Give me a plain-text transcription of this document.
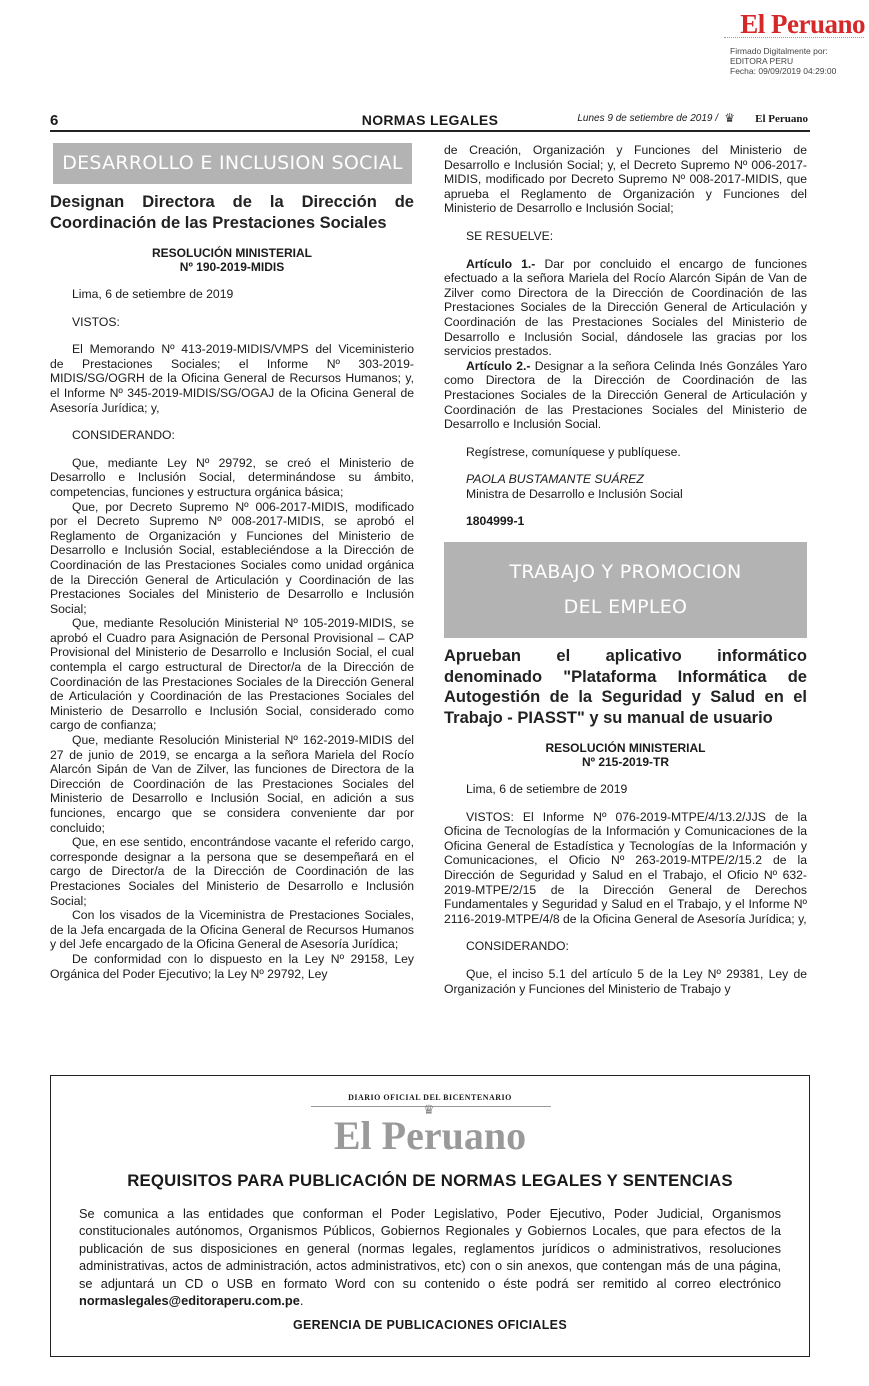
El Peruano
Firmado Digitalmente por:
EDITORA PERU
Fecha: 09/09/2019 04:29:00
6	NORMAS LEGALES	Lunes 9 de setiembre de 2019 / ♛ El Peruano
DESARROLLO E INCLUSION SOCIAL
Designan Directora de la Dirección de Coordinación de las Prestaciones Sociales
RESOLUCIÓN MINISTERIAL
Nº 190-2019-MIDIS

Lima, 6 de setiembre de 2019

VISTOS:

El Memorando Nº 413-2019-MIDIS/VMPS del Viceministerio de Prestaciones Sociales; el Informe Nº 303-2019-MIDIS/SG/OGRH de la Oficina General de Recursos Humanos; y, el Informe Nº 345-2019-MIDIS/SG/OGAJ de la Oficina General de Asesoría Jurídica; y,

CONSIDERANDO:

Que, mediante Ley Nº 29792, se creó el Ministerio de Desarrollo e Inclusión Social, determinándose su ámbito, competencias, funciones y estructura orgánica básica;

Que, por Decreto Supremo Nº 006-2017-MIDIS, modificado por el Decreto Supremo Nº 008-2017-MIDIS, se aprobó el Reglamento de Organización y Funciones del Ministerio de Desarrollo e Inclusión Social, estableciéndose a la Dirección de Coordinación de las Prestaciones Sociales como unidad orgánica de la Dirección General de Articulación y Coordinación de las Prestaciones Sociales del Ministerio de Desarrollo e Inclusión Social;

Que, mediante Resolución Ministerial Nº 105-2019-MIDIS, se aprobó el Cuadro para Asignación de Personal Provisional – CAP Provisional del Ministerio de Desarrollo e Inclusión Social, el cual contempla el cargo estructural de Director/a de la Dirección de Coordinación de las Prestaciones Sociales de la Dirección General de Articulación y Coordinación de las Prestaciones Sociales del Ministerio de Desarrollo e Inclusión Social, considerado como cargo de confianza;

Que, mediante Resolución Ministerial Nº 162-2019-MIDIS del 27 de junio de 2019, se encarga a la señora Mariela del Rocío Alarcón Sipán de Van de Zilver, las funciones de Directora de la Dirección de Coordinación de las Prestaciones Sociales del Ministerio de Desarrollo e Inclusión Social, en adición a sus funciones, encargo que se considera conveniente dar por concluido;

Que, en ese sentido, encontrándose vacante el referido cargo, corresponde designar a la persona que se desempeñará en el cargo de Director/a de la Dirección de Coordinación de las Prestaciones Sociales del Ministerio de Desarrollo e Inclusión Social;

Con los visados de la Viceministra de Prestaciones Sociales, de la Jefa encargada de la Oficina General de Recursos Humanos y del Jefe encargado de la Oficina General de Asesoría Jurídica;

De conformidad con lo dispuesto en la Ley Nº 29158, Ley Orgánica del Poder Ejecutivo; la Ley Nº 29792, Ley

de Creación, Organización y Funciones del Ministerio de Desarrollo e Inclusión Social; y, el Decreto Supremo Nº 006-2017-MIDIS, modificado por Decreto Supremo Nº 008-2017-MIDIS, que aprueba el Reglamento de Organización y Funciones del Ministerio de Desarrollo e Inclusión Social;

SE RESUELVE:

Artículo 1.- Dar por concluido el encargo de funciones efectuado a la señora Mariela del Rocío Alarcón Sipán de Van de Zilver como Directora de la Dirección de Coordinación de las Prestaciones Sociales de la Dirección General de Articulación y Coordinación de las Prestaciones Sociales del Ministerio de Desarrollo e Inclusión Social, dándosele las gracias por los servicios prestados.

Artículo 2.- Designar a la señora Celinda Inés Gonzáles Yaro como Directora de la Dirección de Coordinación de las Prestaciones Sociales de la Dirección General de Articulación y Coordinación de las Prestaciones Sociales del Ministerio de Desarrollo e Inclusión Social.

Regístrese, comuníquese y publíquese.

PAOLA BUSTAMANTE SUÁREZ

Ministra de Desarrollo e Inclusión Social

1804999-1

TRABAJO Y PROMOCION
DEL EMPLEO
Aprueban el aplicativo informático denominado "Plataforma Informática de Autogestión de la Seguridad y Salud en el Trabajo - PIASST" y su manual de usuario
RESOLUCIÓN MINISTERIAL
Nº 215-2019-TR

Lima, 6 de setiembre de 2019

VISTOS: El Informe Nº 076-2019-MTPE/4/13.2/JJS de la Oficina de Tecnologías de la Información y Comunicaciones de la Oficina General de Estadística y Tecnologías de la Información y Comunicaciones, el Oficio Nº 263-2019-MTPE/2/15.2 de la Dirección de Seguridad y Salud en el Trabajo, el Oficio Nº 632-2019-MTPE/2/15 de la Dirección General de Derechos Fundamentales y Seguridad y Salud en el Trabajo, y el Informe Nº 2116-2019-MTPE/4/8 de la Oficina General de Asesoría Jurídica; y,

CONSIDERANDO:

Que, el inciso 5.1 del artículo 5 de la Ley Nº 29381, Ley de Organización y Funciones del Ministerio de Trabajo y

DIARIO OFICIAL DEL BICENTENARIO
♛
El Peruano
REQUISITOS PARA PUBLICACIÓN DE NORMAS LEGALES Y SENTENCIAS
Se comunica a las entidades que conforman el Poder Legislativo, Poder Ejecutivo, Poder Judicial, Organismos constitucionales autónomos, Organismos Públicos, Gobiernos Regionales y Gobiernos Locales, que para efectos de la publicación de sus disposiciones en general (normas legales, reglamentos jurídicos o administrativos, resoluciones administrativas, actos de administración, actos administrativos, etc) con o sin anexos, que contengan más de una página, se adjuntará un CD o USB en formato Word con su contenido o éste podrá ser remitido al correo electrónico normaslegales@editoraperu.com.pe.
GERENCIA DE PUBLICACIONES OFICIALES
